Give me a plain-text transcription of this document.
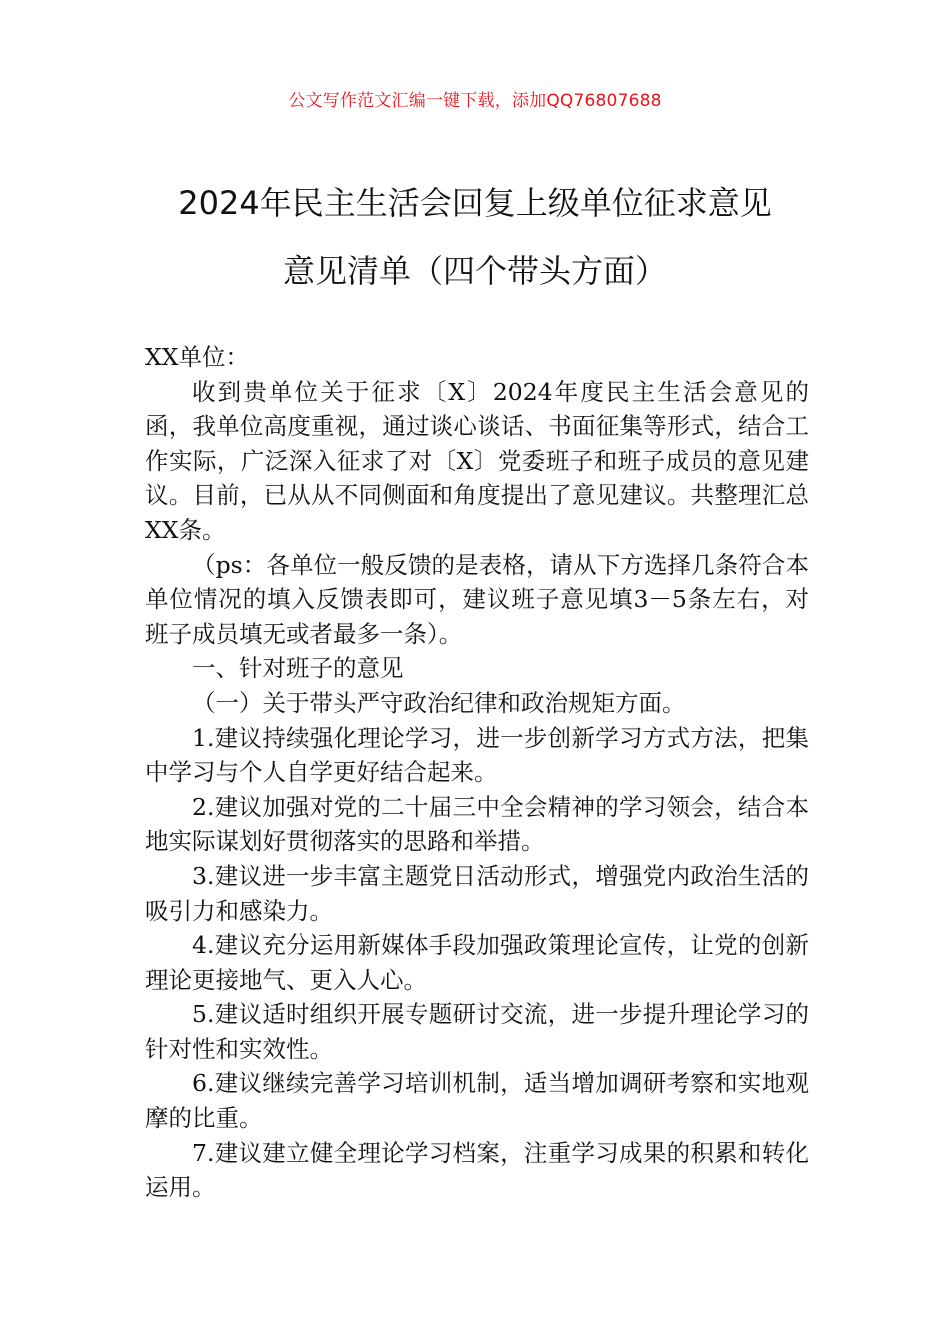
公文写作范文汇编一键下载，添加QQ76807688
2024年民主生活会回复上级单位征求意见
意见清单（四个带头方面）

XX单位：

收到贵单位关于征求〔X〕2024年度民主生活会意见的函，我单位高度重视，通过谈心谈话、书面征集等形式，结合工作实际，广泛深入征求了对〔X〕党委班子和班子成员的意见建议。目前，已从从不同侧面和角度提出了意见建议。共整理汇总XX条。

（ps：各单位一般反馈的是表格，请从下方选择几条符合本单位情况的填入反馈表即可，建议班子意见填3－5条左右，对班子成员填无或者最多一条）。

一、针对班子的意见

（一）关于带头严守政治纪律和政治规矩方面。

1.建议持续强化理论学习，进一步创新学习方式方法，把集中学习与个人自学更好结合起来。

2.建议加强对党的二十届三中全会精神的学习领会，结合本地实际谋划好贯彻落实的思路和举措。

3.建议进一步丰富主题党日活动形式，增强党内政治生活的吸引力和感染力。

4.建议充分运用新媒体手段加强政策理论宣传，让党的创新理论更接地气、更入人心。

5.建议适时组织开展专题研讨交流，进一步提升理论学习的针对性和实效性。

6.建议继续完善学习培训机制，适当增加调研考察和实地观摩的比重。

7.建议建立健全理论学习档案，注重学习成果的积累和转化运用。
